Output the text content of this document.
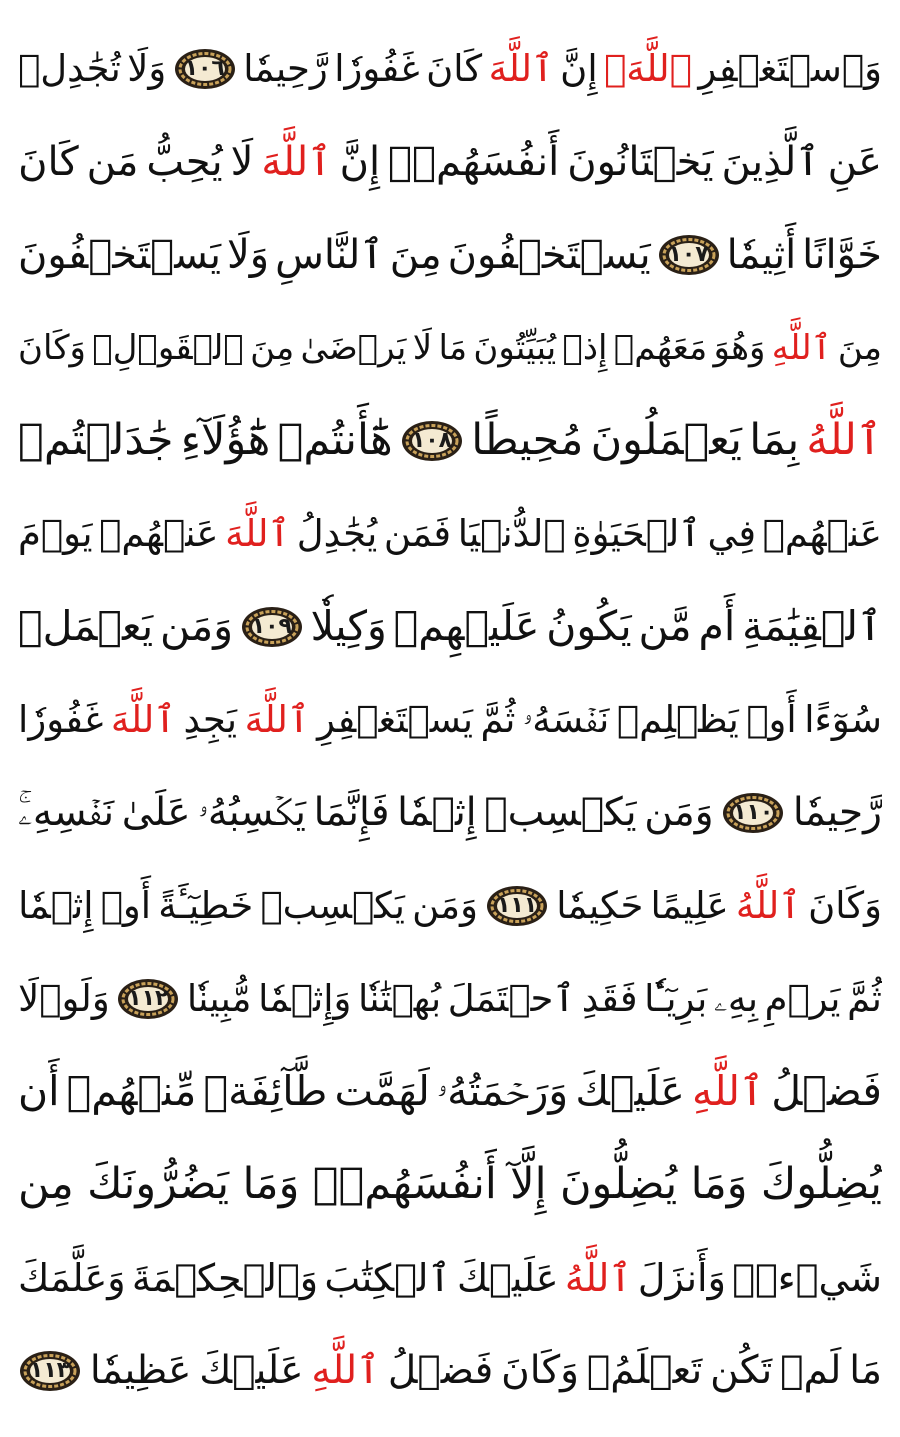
وَٱسۡتَغۡفِرِ
ٱللَّهَۖ
إِنَّ
ٱللَّهَ
كَانَ
غَفُورٗا
رَّحِيمٗا
١٠٦
وَلَا
تُجَٰدِلۡ
عَنِ
ٱلَّذِينَ
يَخۡتَانُونَ
أَنفُسَهُمۡۚ
إِنَّ
ٱللَّهَ
لَا
يُحِبُّ
مَن
كَانَ
خَوَّانًا
أَثِيمٗا
١٠٧
يَسۡتَخۡفُونَ
مِنَ
ٱلنَّاسِ
وَلَا
يَسۡتَخۡفُونَ
مِنَ
ٱللَّهِ
وَهُوَ
مَعَهُمۡ
إِذۡ
يُبَيِّتُونَ
مَا
لَا
يَرۡضَىٰ
مِنَ
ٱلۡقَوۡلِۚ
وَكَانَ
ٱللَّهُ
بِمَا
يَعۡمَلُونَ
مُحِيطًا
١٠٨
هَٰٓأَنتُمۡ
هَٰٓؤُلَآءِ
جَٰدَلۡتُمۡ
عَنۡهُمۡ
فِي
ٱلۡحَيَوٰةِ
ٱلدُّنۡيَا
فَمَن
يُجَٰدِلُ
ٱللَّهَ
عَنۡهُمۡ
يَوۡمَ
ٱلۡقِيَٰمَةِ
أَم
مَّن
يَكُونُ
عَلَيۡهِمۡ
وَكِيلٗا
١٠٩
وَمَن
يَعۡمَلۡ
سُوٓءًا
أَوۡ
يَظۡلِمۡ
نَفۡسَهُۥ
ثُمَّ
يَسۡتَغۡفِرِ
ٱللَّهَ
يَجِدِ
ٱللَّهَ
غَفُورٗا
رَّحِيمٗا
١١٠
وَمَن
يَكۡسِبۡ
إِثۡمٗا
فَإِنَّمَا
يَكۡسِبُهُۥ
عَلَىٰ
نَفۡسِهِۦۚ
وَكَانَ
ٱللَّهُ
عَلِيمًا
حَكِيمٗا
١١١
وَمَن
يَكۡسِبۡ
خَطِيٓـَٔةً
أَوۡ
إِثۡمٗا
ثُمَّ
يَرۡمِ
بِهِۦ
بَرِيٓـٔٗا
فَقَدِ
ٱحۡتَمَلَ
بُهۡتَٰنٗا
وَإِثۡمٗا
مُّبِينٗا
١١٢
وَلَوۡلَا
فَضۡلُ
ٱللَّهِ
عَلَيۡكَ
وَرَحۡمَتُهُۥ
لَهَمَّت
طَّآئِفَةٞ
مِّنۡهُمۡ
أَن
يُضِلُّوكَ
وَمَا
يُضِلُّونَ
إِلَّآ
أَنفُسَهُمۡۖ
وَمَا
يَضُرُّونَكَ
مِن
شَيۡءٖۚ
وَأَنزَلَ
ٱللَّهُ
عَلَيۡكَ
ٱلۡكِتَٰبَ
وَٱلۡحِكۡمَةَ
وَعَلَّمَكَ
مَا
لَمۡ
تَكُن
تَعۡلَمُۚ
وَكَانَ
فَضۡلُ
ٱللَّهِ
عَلَيۡكَ
عَظِيمٗا
١١٣
